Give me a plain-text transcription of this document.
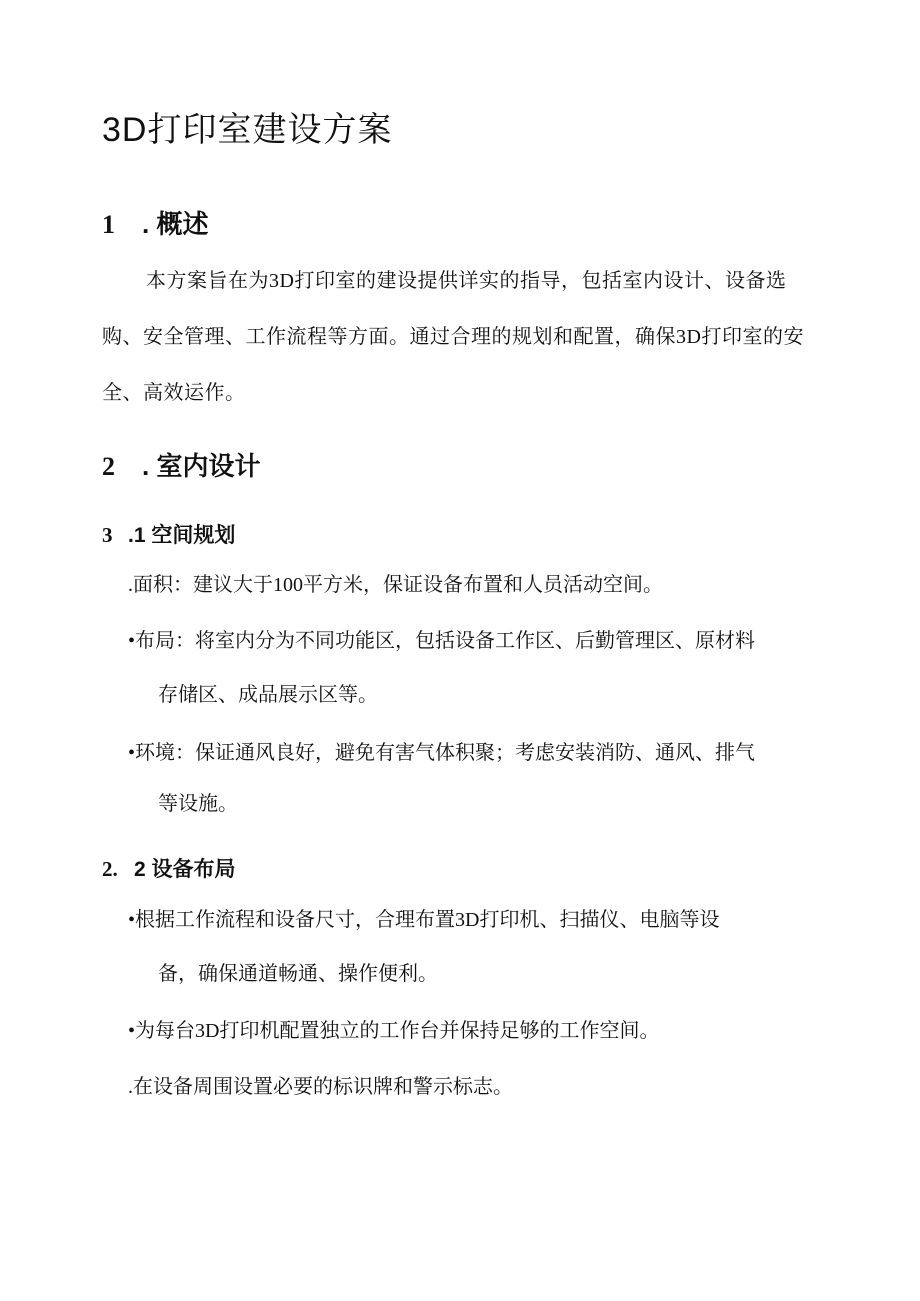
3D打印室建设方案
1 . 概述

本方案旨在为3D打印室的建设提供详实的指导，包括室内设计、设备选购、安全管理、工作流程等方面。通过合理的规划和配置，确保3D打印室的安全、高效运作。

2 . 室内设计
3 .1 空间规划

.面积：建议大于100平方米，保证设备布置和人员活动空间。

•布局：将室内分为不同功能区，包括设备工作区、后勤管理区、原材料

存储区、成品展示区等。

•环境：保证通风良好，避免有害气体积聚；考虑安装消防、通风、排气

等设施。

2. 2 设备布局

•根据工作流程和设备尺寸，合理布置3D打印机、扫描仪、电脑等设

备，确保通道畅通、操作便利。

•为每台3D打印机配置独立的工作台并保持足够的工作空间。

.在设备周围设置必要的标识牌和警示标志。
